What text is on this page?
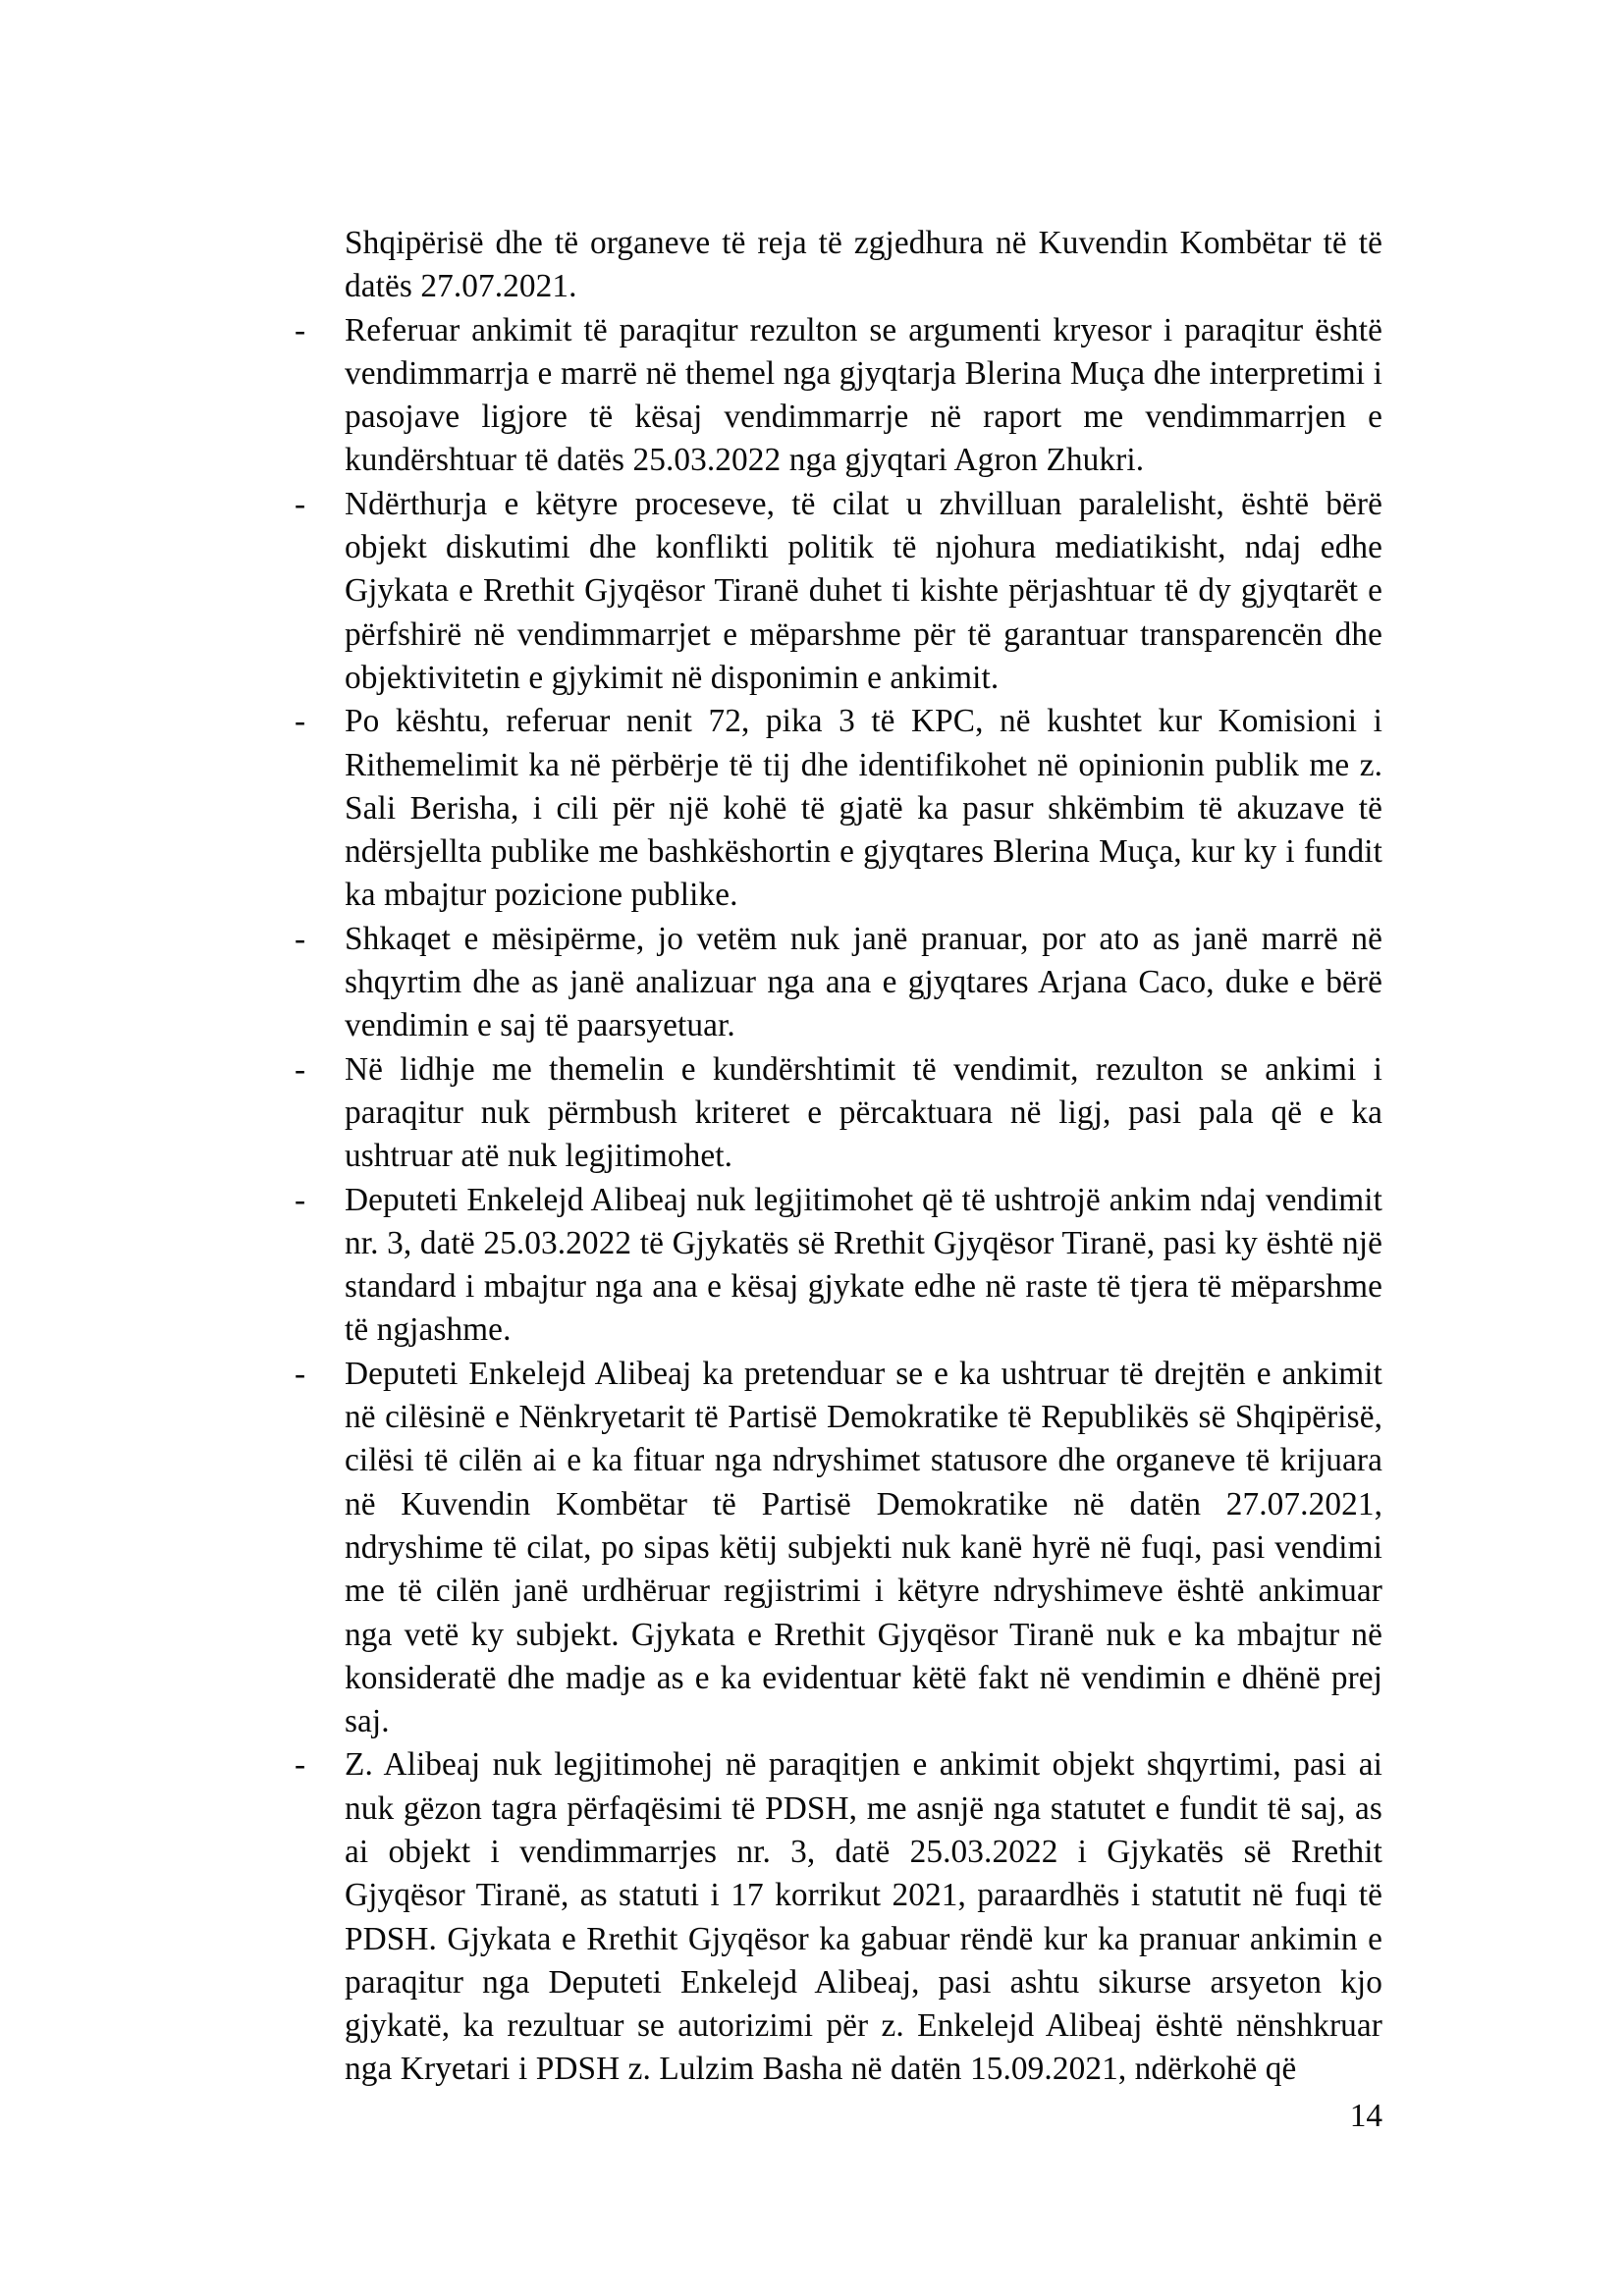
Shqipërisë dhe të organeve të reja të zgjedhura në Kuvendin Kombëtar të të datës 27.07.2021.
- Referuar ankimit të paraqitur rezulton se argumenti kryesor i paraqitur është vendimmarrja e marrë në themel nga gjyqtarja Blerina Muça dhe interpretimi i pasojave ligjore të kësaj vendimmarrje në raport me vendimmarrjen e kundërshtuar të datës 25.03.2022 nga gjyqtari Agron Zhukri.
- Ndërthurja e këtyre proceseve, të cilat u zhvilluan paralelisht, është bërë objekt diskutimi dhe konflikti politik të njohura mediatikisht, ndaj edhe Gjykata e Rrethit Gjyqësor Tiranë duhet ti kishte përjashtuar të dy gjyqtarët e përfshirë në vendimmarrjet e mëparshme për të garantuar transparencën dhe objektivitetin e gjykimit në disponimin e ankimit.
- Po kështu, referuar nenit 72, pika 3 të KPC, në kushtet kur Komisioni i Rithemelimit ka në përbërje të tij dhe identifikohet në opinionin publik me z. Sali Berisha, i cili për një kohë të gjatë ka pasur shkëmbim të akuzave të ndërsjellta publike me bashkëshortin e gjyqtares Blerina Muça, kur ky i fundit ka mbajtur pozicione publike.
- Shkaqet e mësipërme, jo vetëm nuk janë pranuar, por ato as janë marrë në shqyrtim dhe as janë analizuar nga ana e gjyqtares Arjana Caco, duke e bërë vendimin e saj të paarsyetuar.
- Në lidhje me themelin e kundërshtimit të vendimit, rezulton se ankimi i paraqitur nuk përmbush kriteret e përcaktuara në ligj, pasi pala që e ka ushtruar atë nuk legjitimohet.
- Deputeti Enkelejd Alibeaj nuk legjitimohet që të ushtrojë ankim ndaj vendimit nr. 3, datë 25.03.2022 të Gjykatës së Rrethit Gjyqësor Tiranë, pasi ky është një standard i mbajtur nga ana e kësaj gjykate edhe në raste të tjera të mëparshme të ngjashme.
- Deputeti Enkelejd Alibeaj ka pretenduar se e ka ushtruar të drejtën e ankimit në cilësinë e Nënkryetarit të Partisë Demokratike të Republikës së Shqipërisë, cilësi të cilën ai e ka fituar nga ndryshimet statusore dhe organeve të krijuara në Kuvendin Kombëtar të Partisë Demokratike në datën 27.07.2021, ndryshime të cilat, po sipas këtij subjekti nuk kanë hyrë në fuqi, pasi vendimi me të cilën janë urdhëruar regjistrimi i këtyre ndryshimeve është ankimuar nga vetë ky subjekt. Gjykata e Rrethit Gjyqësor Tiranë nuk e ka mbajtur në konsideratë dhe madje as e ka evidentuar këtë fakt në vendimin e dhënë prej saj.
- Z. Alibeaj nuk legjitimohej në paraqitjen e ankimit objekt shqyrtimi, pasi ai nuk gëzon tagra përfaqësimi të PDSH, me asnjë nga statutet e fundit të saj, as ai objekt i vendimmarrjes nr. 3, datë 25.03.2022 i Gjykatës së Rrethit Gjyqësor Tiranë, as statuti i 17 korrikut 2021, paraardhës i statutit në fuqi të PDSH. Gjykata e Rrethit Gjyqësor ka gabuar rëndë kur ka pranuar ankimin e paraqitur nga Deputeti Enkelejd Alibeaj, pasi ashtu sikurse arsyeton kjo gjykatë, ka rezultuar se autorizimi për z. Enkelejd Alibeaj është nënshkruar nga Kryetari i PDSH z. Lulzim Basha në datën 15.09.2021, ndërkohë që
14
